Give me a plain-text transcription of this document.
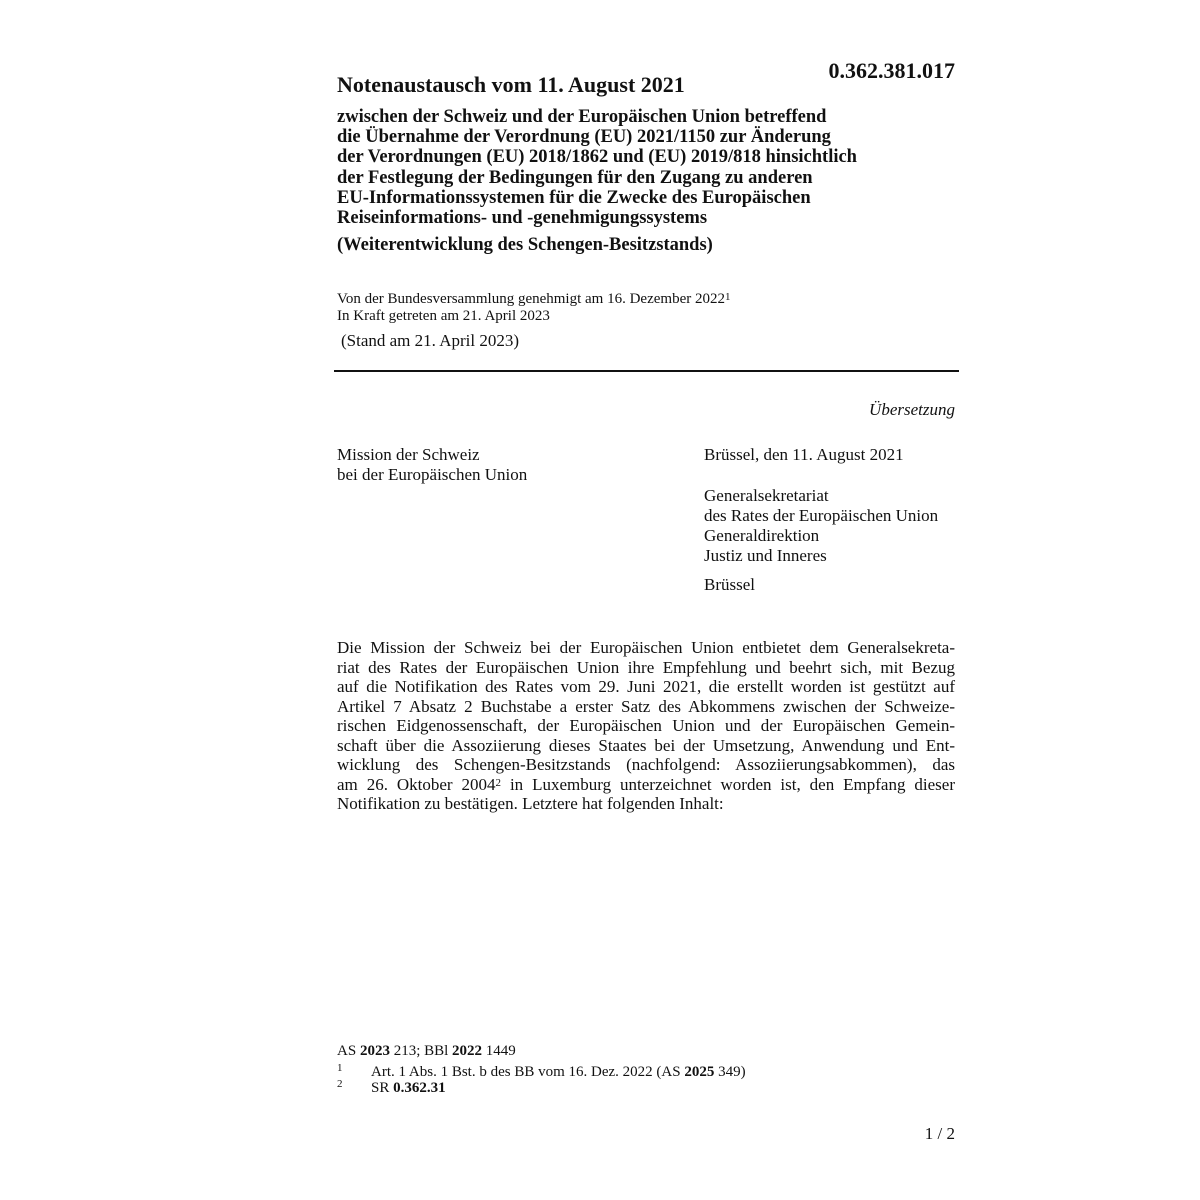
0.362.381.017
Notenaustausch vom 11. August 2021
zwischen der Schweiz und der Europäischen Union betreffend
die Übernahme der Verordnung (EU) 2021/1150 zur Änderung
der Verordnungen (EU) 2018/1862 und (EU) 2019/818 hinsichtlich
der Festlegung der Bedingungen für den Zugang zu anderen
EU-Informationssystemen für die Zwecke des Europäischen
Reiseinformations- und -genehmigungssystems
(Weiterentwicklung des Schengen-Besitzstands)
Von der Bundesversammlung genehmigt am 16. Dezember 2022$^1$
In Kraft getreten am 21. April 2023
(Stand am 21. April 2023)
Übersetzung
Mission der Schweiz
bei der Europäischen Union
Brüssel, den 11. August 2021
Generalsekretariat
des Rates der Europäischen Union
Generaldirektion
Justiz und Inneres
Brüssel
Die Mission der Schweiz bei der Europäischen Union entbietet dem Generalsekreta-
riat des Rates der Europäischen Union ihre Empfehlung und beehrt sich, mit Bezug
auf die Notifikation des Rates vom 29. Juni 2021, die erstellt worden ist gestützt auf
Artikel 7 Absatz 2 Buchstabe a erster Satz des Abkommens zwischen der Schweize-
rischen Eidgenossenschaft, der Europäischen Union und der Europäischen Gemein-
schaft über die Assoziierung dieses Staates bei der Umsetzung, Anwendung und Ent-
wicklung des Schengen-Besitzstands (nachfolgend: Assoziierungsabkommen), das
am 26. Oktober 2004$^2$ in Luxemburg unterzeichnet worden ist, den Empfang dieser
Notifikation zu bestätigen. Letztere hat folgenden Inhalt:
AS 2023 213; BBl 2022 1449
1 Art. 1 Abs. 1 Bst. b des BB vom 16. Dez. 2022 (AS 2025 349)
2 SR 0.362.31
1 / 2
